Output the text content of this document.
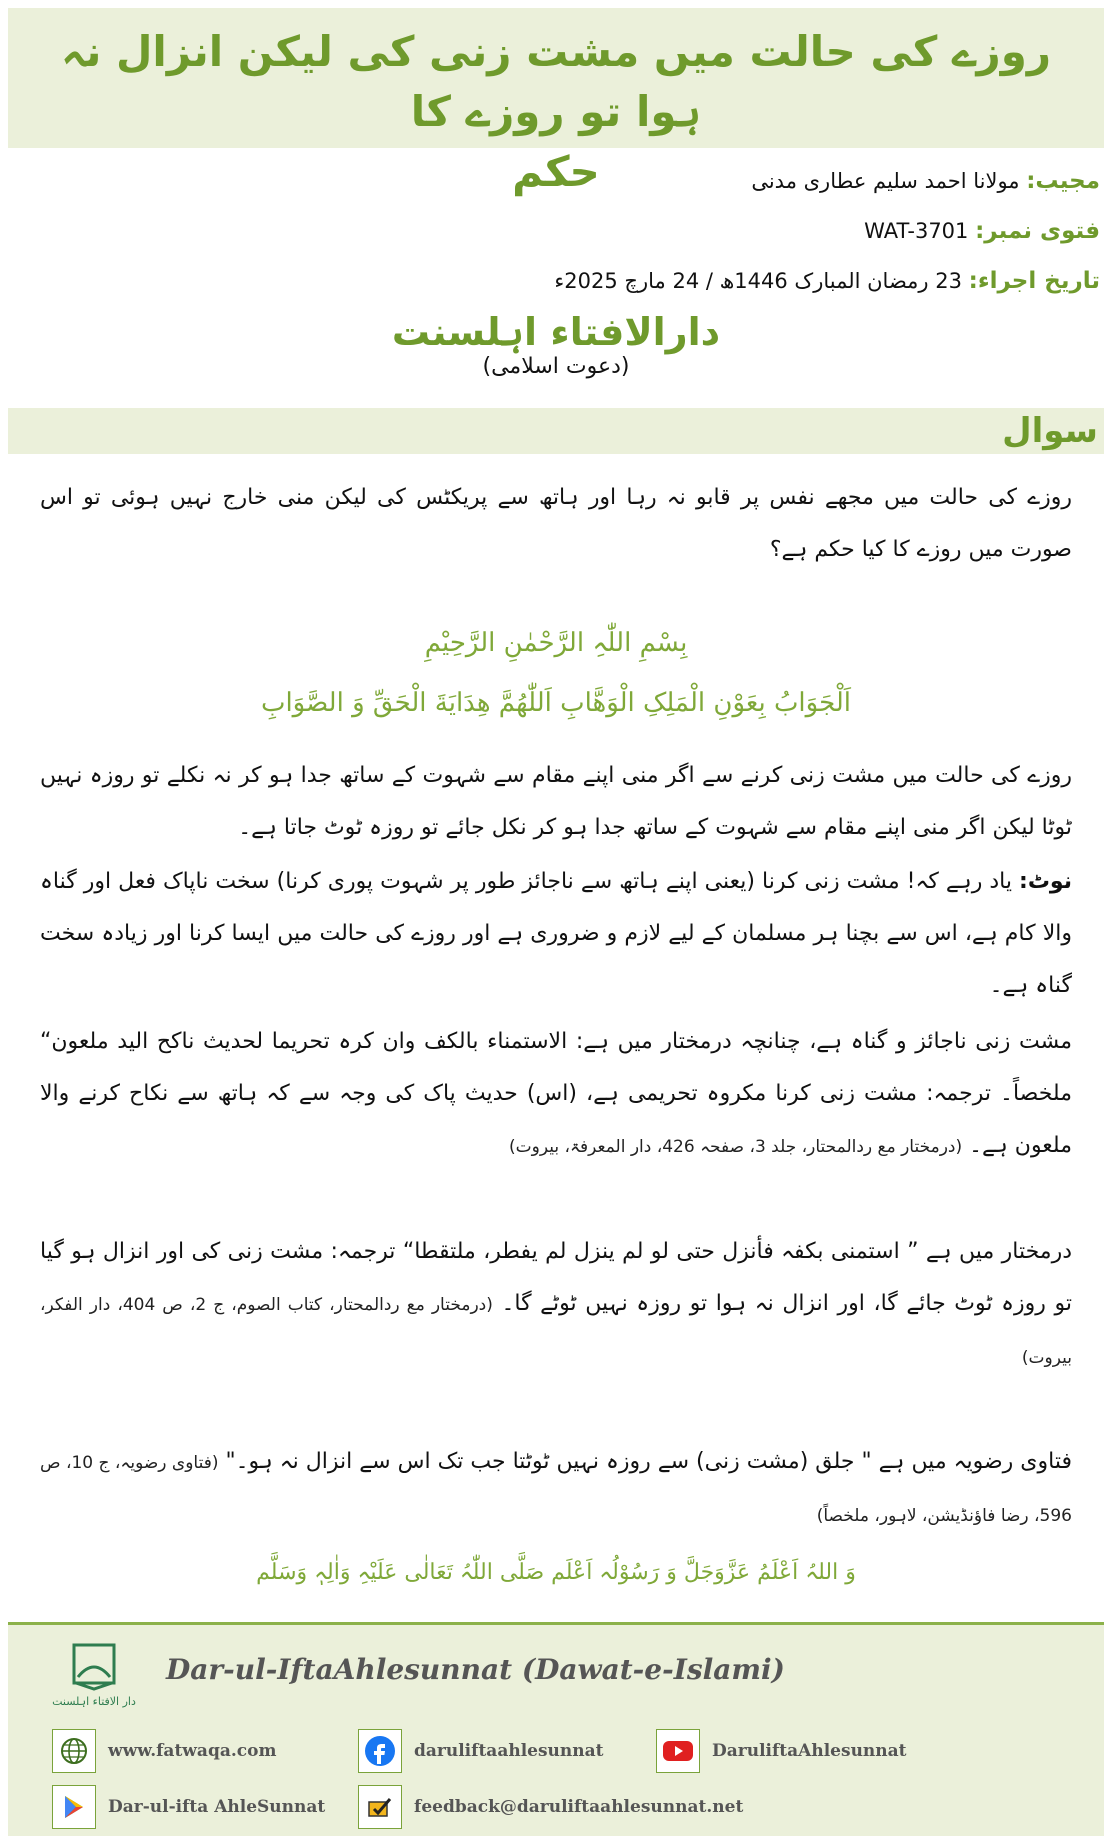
روزے کی حالت میں مشت زنی کی لیکن انزال نہ ہوا تو روزے کا
حکم	مجیب: مولانا احمد سلیم عطاری مدنی
فتوی نمبر: WAT-3701
تاریخ اجراء: 23 رمضان المبارک 1446ھ / 24 مارچ 2025ء
دارالافتاء اہلسنت
(دعوت اسلامی)
سوال
روزے کی حالت میں مجھے نفس پر قابو نہ رہا اور ہاتھ سے پریکٹس کی لیکن منی خارج نہیں ہوئی تو اس صورت میں روزے کا کیا حکم ہے؟
بِسْمِ اللّٰہِ الرَّحْمٰنِ الرَّحِیْمِ
اَلْجَوَابُ بِعَوْنِ الْمَلِکِ الْوَهَّابِ اَللّٰهُمَّ هِدَايَةَ الْحَقِّ وَ الصَّوَابِ
روزے کی حالت میں مشت زنی کرنے سے اگر منی اپنے مقام سے شہوت کے ساتھ جدا ہو کر نہ نکلے تو روزہ نہیں ٹوٹا لیکن اگر منی اپنے مقام سے شہوت کے ساتھ جدا ہو کر نکل جائے تو روزہ ٹوٹ جاتا ہے۔
نوٹ: یاد رہے کہ! مشت زنی کرنا (یعنی اپنے ہاتھ سے ناجائز طور پر شہوت پوری کرنا) سخت ناپاک فعل اور گناہ والا کام ہے، اس سے بچنا ہر مسلمان کے لیے لازم و ضروری ہے اور روزے کی حالت میں ایسا کرنا اور زیادہ سخت گناہ ہے۔
مشت زنی ناجائز و گناہ ہے، چنانچہ درمختار میں ہے: الاستمناء بالکف وان کرہ تحریما لحدیث ناکح الید ملعون“ ملخصاً۔ ترجمہ: مشت زنی کرنا مکروہ تحریمی ہے، (اس) حدیث پاک کی وجہ سے کہ ہاتھ سے نکاح کرنے والا ملعون ہے۔ (درمختار مع ردالمحتار، جلد 3، صفحہ 426، دار المعرفۃ، بیروت)
درمختار میں ہے ” استمنی بکفہ فأنزل حتی لو لم ینزل لم یفطر، ملتقطا“ ترجمہ: مشت زنی کی اور انزال ہو گیا تو روزہ ٹوٹ جائے گا، اور انزال نہ ہوا تو روزہ نہیں ٹوٹے گا۔ (درمختار مع ردالمحتار، کتاب الصوم، ج 2، ص 404، دار الفکر، بیروت)
فتاوی رضویہ میں ہے " جلق (مشت زنی) سے روزہ نہیں ٹوٹتا جب تک اس سے انزال نہ ہو۔" (فتاوی رضویہ، ج 10، ص 596، رضا فاؤنڈیشن، لاہور، ملخصاً)
وَ اللہُ اَعْلَمُ عَزَّوَجَلَّ وَ رَسُوْلُہ اَعْلَم صَلَّی اللّٰہُ تَعَالٰی عَلَیْہِ وَاٰلِہٖ وَسَلَّم
دار الافتاء اہلسنت
Dar-ul-IftaAhlesunnat (Dawat-e-Islami)
www.fatwaqa.com	daruliftaahlesunnat	DaruliftaAhlesunnat
Dar-ul-ifta AhleSunnat	feedback@daruliftaahlesunnat.net
